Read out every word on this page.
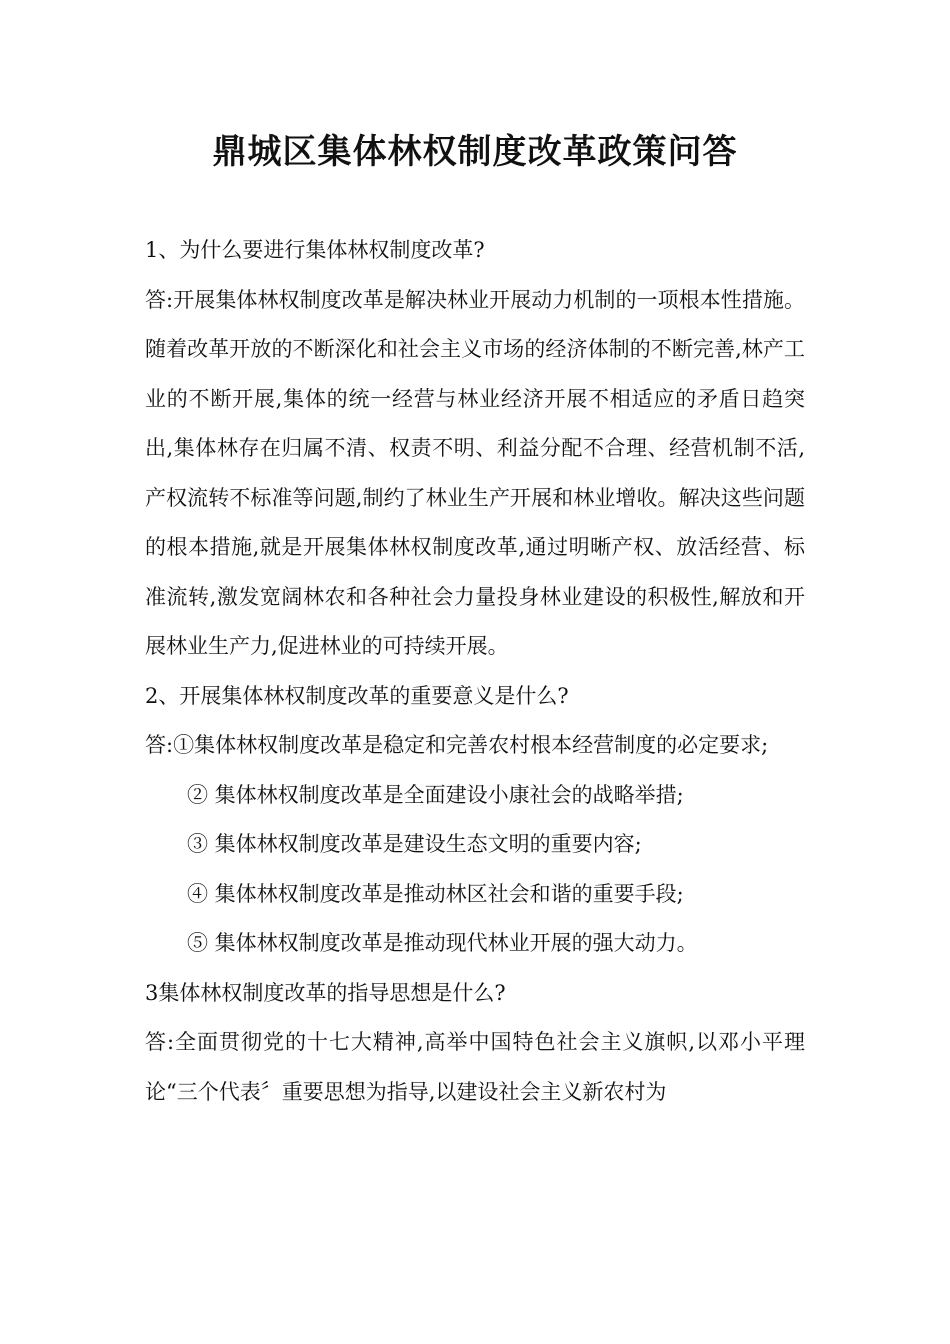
鼎城区集体林权制度改革政策问答

1、为什么要进行集体林权制度改革?

答:开展集体林权制度改革是解决林业开展动力机制的一项根本性措施。随着改革开放的不断深化和社会主义市场的经济体制的不断完善,林产工业的不断开展,集体的统一经营与林业经济开展不相适应的矛盾日趋突出,集体林存在归属不清、权责不明、利益分配不合理、经营机制不活,产权流转不标准等问题,制约了林业生产开展和林业增收。解决这些问题的根本措施,就是开展集体林权制度改革,通过明晰产权、放活经营、标准流转,激发宽阔林农和各种社会力量投身林业建设的积极性,解放和开展林业生产力,促进林业的可持续开展。

2、开展集体林权制度改革的重要意义是什么?

答:①集体林权制度改革是稳定和完善农村根本经营制度的必定要求;

② 集体林权制度改革是全面建设小康社会的战略举措;

③ 集体林权制度改革是建设生态文明的重要内容;

④ 集体林权制度改革是推动林区社会和谐的重要手段;

⑤ 集体林权制度改革是推动现代林业开展的强大动力。

3集体林权制度改革的指导思想是什么?

答:全面贯彻党的十七大精神,高举中国特色社会主义旗帜,以邓小平理论“三个代表〞重要思想为指导,以建设社会主义新农村为
